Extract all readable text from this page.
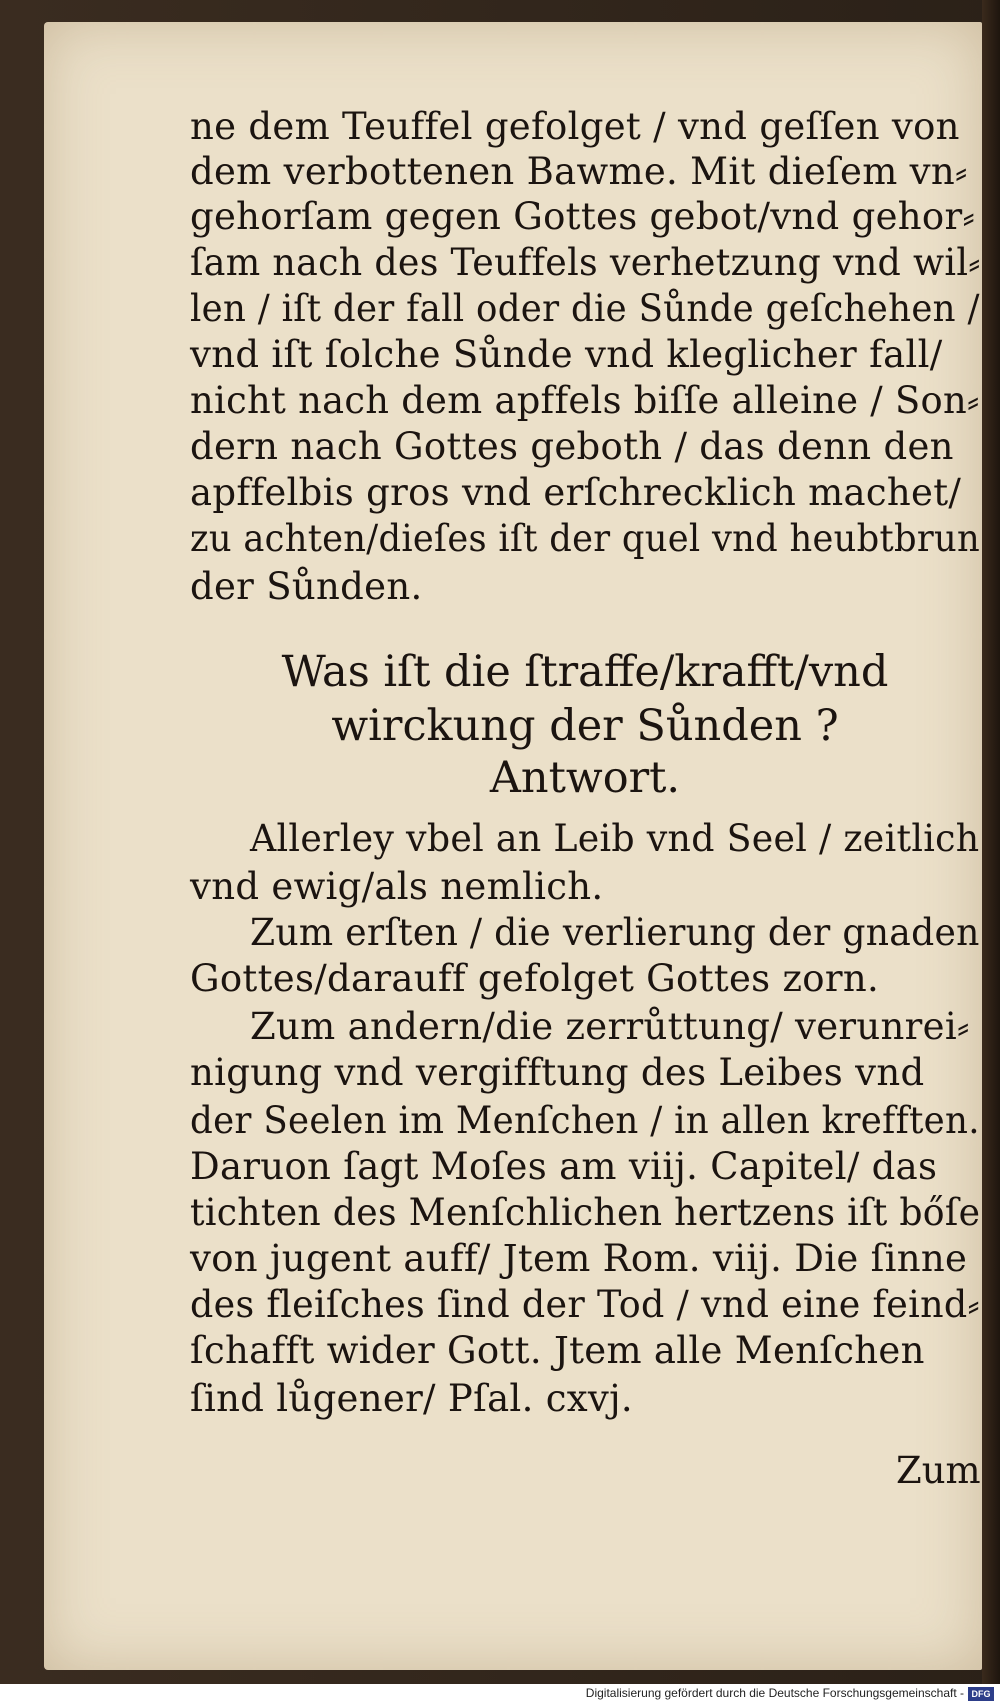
ne dem Teuffel gefolget / vnd geſſen von
dem verbottenen Bawme. Mit dieſem vn⸗
gehorſam gegen Gottes gebot/vnd gehor⸗
ſam nach des Teuffels verhetzung vnd wil⸗
len / iſt der fall oder die Sůnde geſchehen /
vnd iſt ſolche Sůnde vnd kleglicher fall/
nicht nach dem apffels biſſe alleine / Son⸗
dern nach Gottes geboth / das denn den
apffelbis gros vnd erſchrecklich machet/
zu achten/dieſes iſt der quel vnd heubtbrun
der Sůnden.
Was iſt die ſtraffe/krafft/vnd
wirckung der Sůnden ?
Antwort.
Allerley vbel an Leib vnd Seel / zeitlich
vnd ewig/als nemlich.
Zum erſten / die verlierung der gnaden
Gottes/darauff gefolget Gottes zorn.
Zum andern/die zerrůttung/ verunrei⸗
nigung vnd vergifftung des Leibes vnd
der Seelen im Menſchen / in allen krefften.
Daruon ſagt Moſes am viij. Capitel/ das
tichten des Menſchlichen hertzens iſt bőſe
von jugent auff/ Jtem Rom. viij. Die ſinne
des fleiſches ſind der Tod / vnd eine feind⸗
ſchafft wider Gott. Jtem alle Menſchen
ſind lůgener/ Pſal. cxvj.
Zum
Digitalisierung gefördert durch die Deutsche Forschungsgemeinschaft - DFG
